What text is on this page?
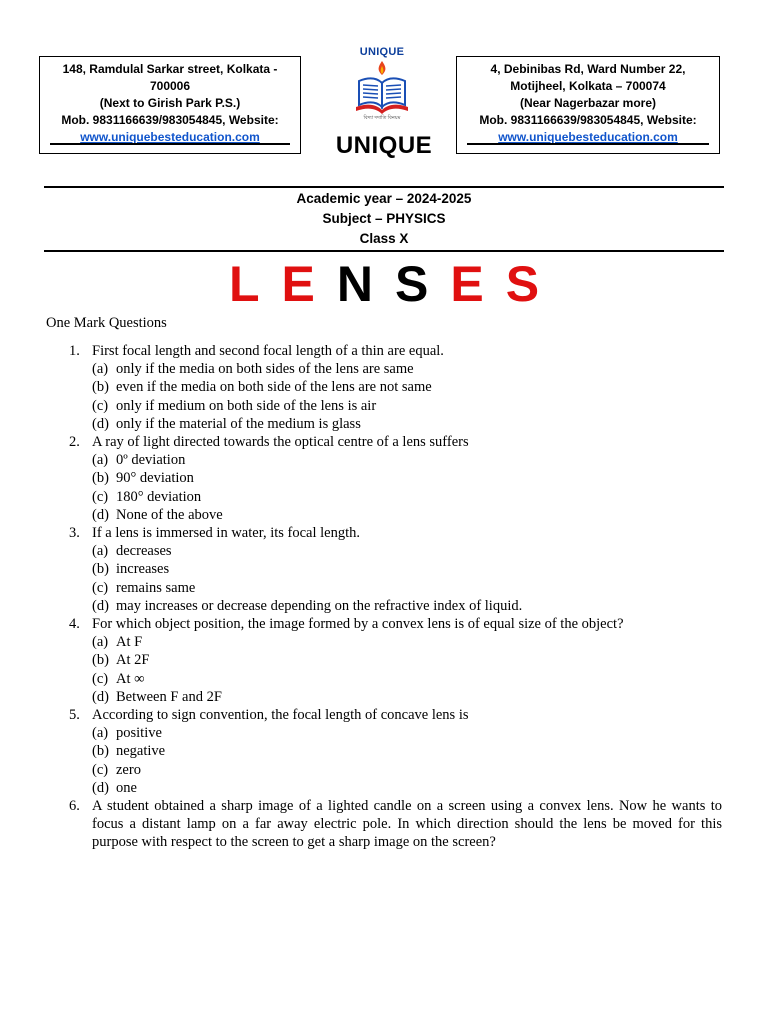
148, Ramdulal Sarkar street, Kolkata -
700006
(Next to Girish Park P.S.)
Mob. 9831166639/983054845, Website:
www.uniquebesteducation.com
UNIQUE
বিদ্যা দদাতি বিনয়ম
UNIQUE
4, Debinibas Rd, Ward Number 22,
Motijheel, Kolkata – 700074
(Near Nagerbazar more)
Mob. 9831166639/983054845, Website:
www.uniquebesteducation.com
Academic year – 2024-2025
Subject – PHYSICS
Class X
L E N S E S
One Mark Questions
1. First focal length and second focal length of a thin are equal.
(a) only if the media on both sides of the lens are same
(b) even if the media on both side of the lens are not same
(c) only if medium on both side of the lens is air
(d) only if the material of the medium is glass
2. A ray of light directed towards the optical centre of a lens suffers
(a) 0º deviation
(b) 90° deviation
(c) 180° deviation
(d) None of the above
3. If a lens is immersed in water, its focal length.
(a) decreases
(b) increases
(c) remains same
(d) may increases or decrease depending on the refractive index of liquid.
4. For which object position, the image formed by a convex lens is of equal size of the object?
(a) At F
(b) At 2F
(c) At ∞
(d) Between F and 2F
5. According to sign convention, the focal length of concave lens is
(a) positive
(b) negative
(c) zero
(d) one
6. A student obtained a sharp image of a lighted candle on a screen using a convex lens. Now he wants to focus a distant lamp on a far away electric pole. In which direction should the lens be moved for this purpose with respect to the screen to get a sharp image on the screen?
